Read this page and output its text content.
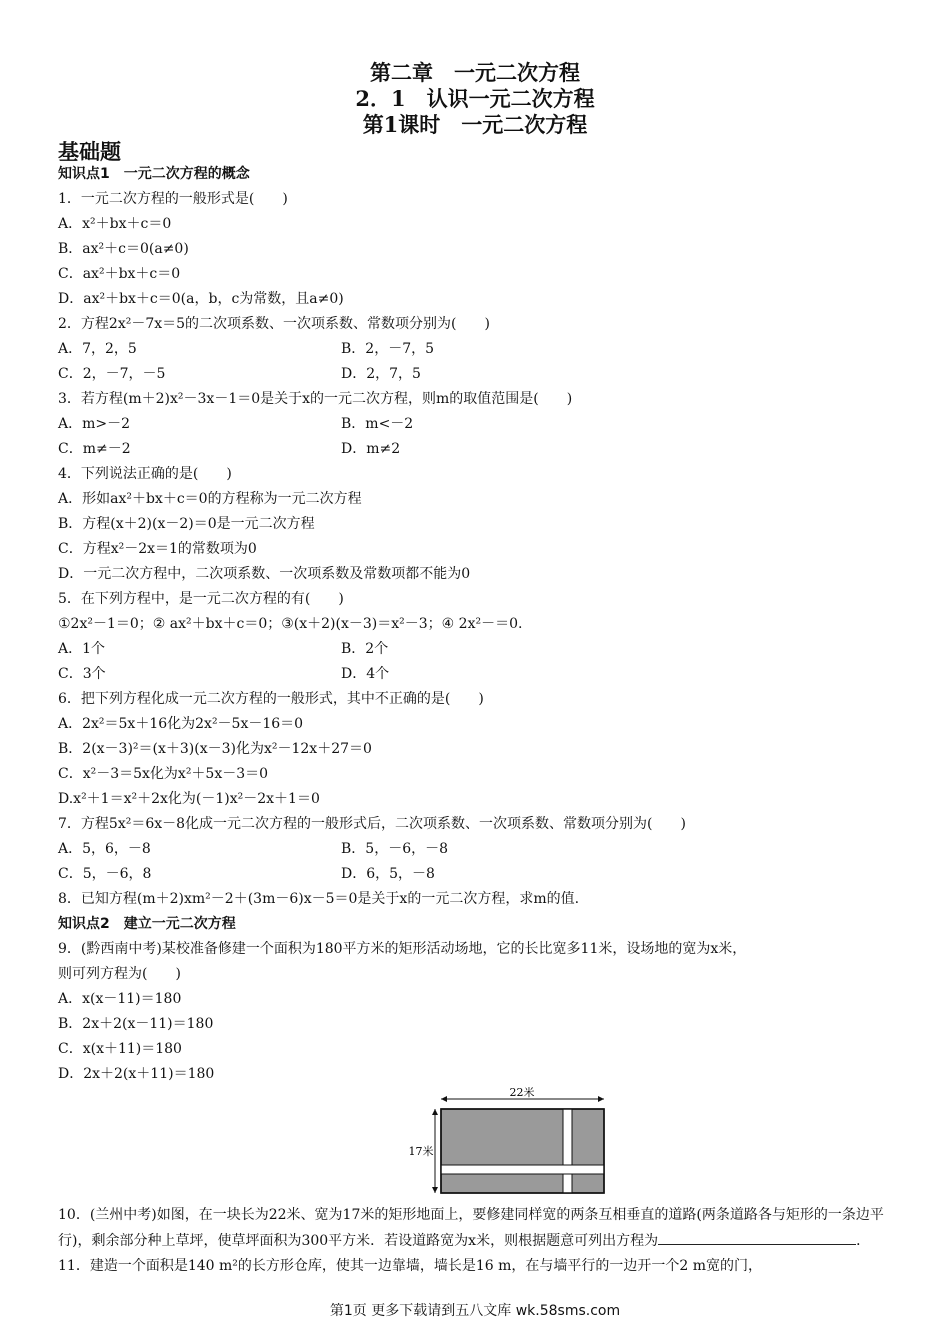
第二章　一元二次方程
2．1　认识一元二次方程
第1课时　一元二次方程
基础题
知识点1　一元二次方程的概念
1．一元二次方程的一般形式是(　　)
A．x²＋bx＋c＝0
B．ax²＋c＝0(a≠0)
C．ax²＋bx＋c＝0
D．ax²＋bx＋c＝0(a，b，c为常数，且a≠0)
2．方程2x²－7x＝5的二次项系数、一次项系数、常数项分别为(　　)
A．7，2，5	B．2，－7，5
C．2，－7，－5	D．2，7，5
3．若方程(m＋2)x²－3x－1＝0是关于x的一元二次方程，则m的取值范围是(　　)
A．m>－2	B．m<－2
C．m≠－2	D．m≠2
4．下列说法正确的是(　　)
A．形如ax²＋bx＋c＝0的方程称为一元二次方程
B．方程(x＋2)(x－2)＝0是一元二次方程
C．方程x²－2x＝1的常数项为0
D．一元二次方程中，二次项系数、一次项系数及常数项都不能为0
5．在下列方程中，是一元二次方程的有(　　)
①2x²－1＝0；② ax²＋bx＋c＝0；③(x＋2)(x－3)＝x²－3；④ 2x²－＝0.
A．1个	B．2个
C．3个	D．4个
6．把下列方程化成一元二次方程的一般形式，其中不正确的是(　　)
A．2x²＝5x＋16化为2x²－5x－16＝0
B．2(x－3)²＝(x＋3)(x－3)化为x²－12x＋27＝0
C．x²－3＝5x化为x²＋5x－3＝0
D.x²＋1＝x²＋2x化为(－1)x²－2x＋1＝0
7．方程5x²＝6x－8化成一元二次方程的一般形式后，二次项系数、一次项系数、常数项分别为(　　)
A．5，6，－8	B．5，－6，－8
C．5，－6，8	D．6，5，－8
8．已知方程(m＋2)xm²－2＋(3m－6)x－5＝0是关于x的一元二次方程，求m的值.
知识点2　建立一元二次方程
9．(黔西南中考)某校准备修建一个面积为180平方米的矩形活动场地，它的长比宽多11米，设场地的宽为x米，
则可列方程为(　　)
A．x(x－11)＝180
B．2x＋2(x－11)＝180
C．x(x＋11)＝180
D．2x＋2(x＋11)＝180
22米
17米
10．(兰州中考)如图，在一块长为22米、宽为17米的矩形地面上，要修建同样宽的两条互相垂直的道路(两条道路各与矩形的一条边平行)，剩余部分种上草坪，使草坪面积为300平方米．若设道路宽为x米，则根据题意可列出方程为	．
11．建造一个面积是140 m²的长方形仓库，使其一边靠墙，墙长是16 m，在与墙平行的一边开一个2 m宽的门，
第1页 更多下载请到五八文库 wk.58sms.com
